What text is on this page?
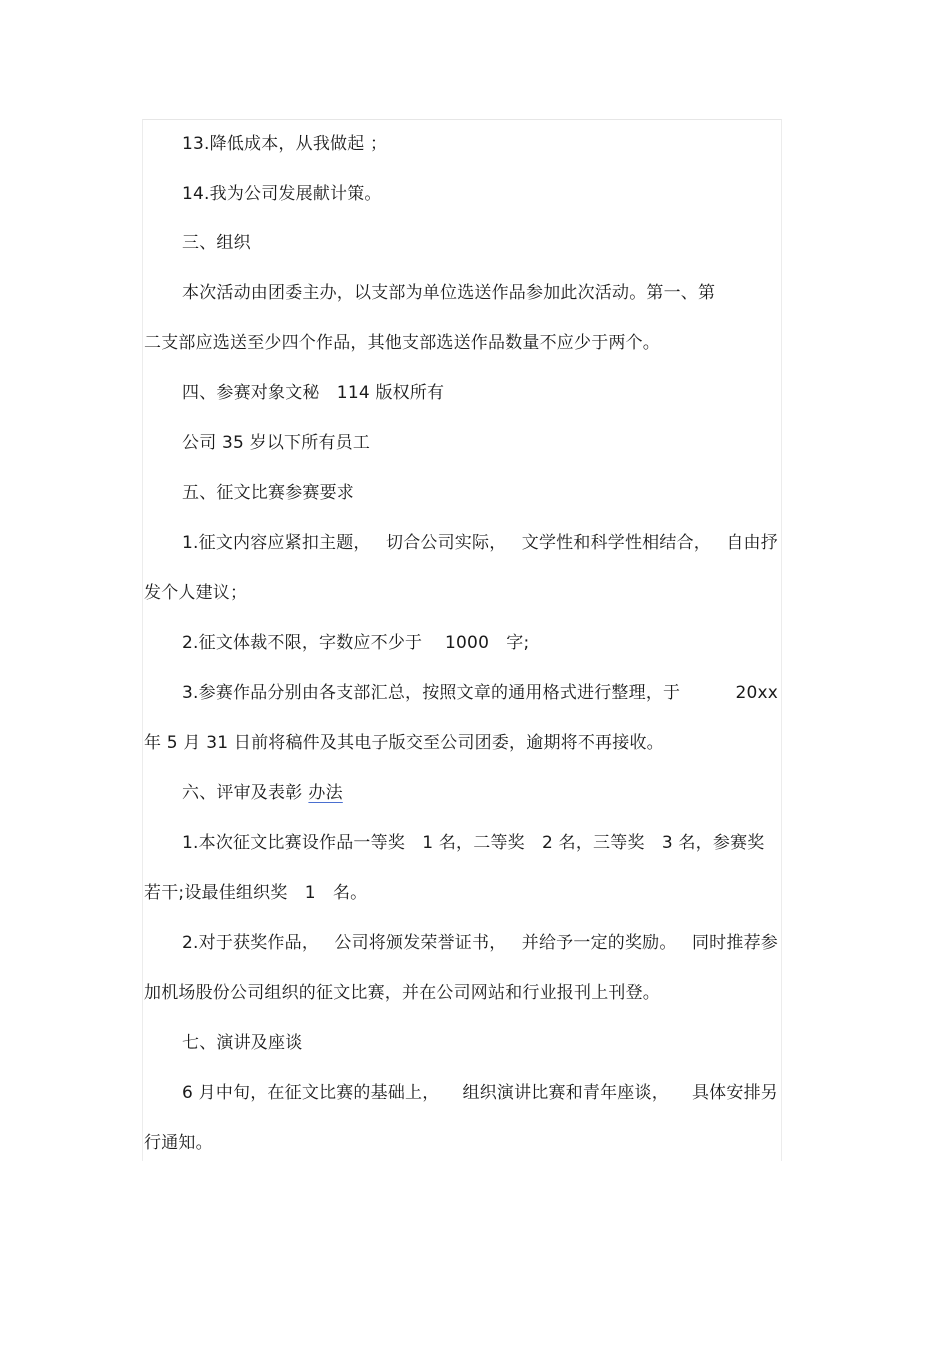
13.降低成本，从我做起 ；
14.我为公司发展献计策。
三、组织
本次活动由团委主办，以支部为单位选送作品参加此次活动。第一、第
二支部应选送至少四个作品，其他支部选送作品数量不应少于两个。
四、参赛对象文秘　114 版权所有
公司 35 岁以下所有员工
五、征文比赛参赛要求
1.征文内容应紧扣主题， 切合公司实际， 文学性和科学性相结合， 自由抒
发个人建议；
2.征文体裁不限，字数应不少于　 1000　字;
3.参赛作品分别由各支部汇总，按照文章的通用格式进行整理，于	20xx
年 5 月 31 日前将稿件及其电子版交至公司团委，逾期将不再接收。
六、评审及表彰 办法
1.本次征文比赛设作品一等奖　1 名，二等奖　2 名，三等奖　3 名，参赛奖
若干;设最佳组织奖　1　名。
2.对于获奖作品， 公司将颁发荣誉证书， 并给予一定的奖励。 同时推荐参
加机场股份公司组织的征文比赛，并在公司网站和行业报刊上刊登。
七、演讲及座谈
6 月中旬，在征文比赛的基础上， 组织演讲比赛和青年座谈， 具体安排另
行通知。
